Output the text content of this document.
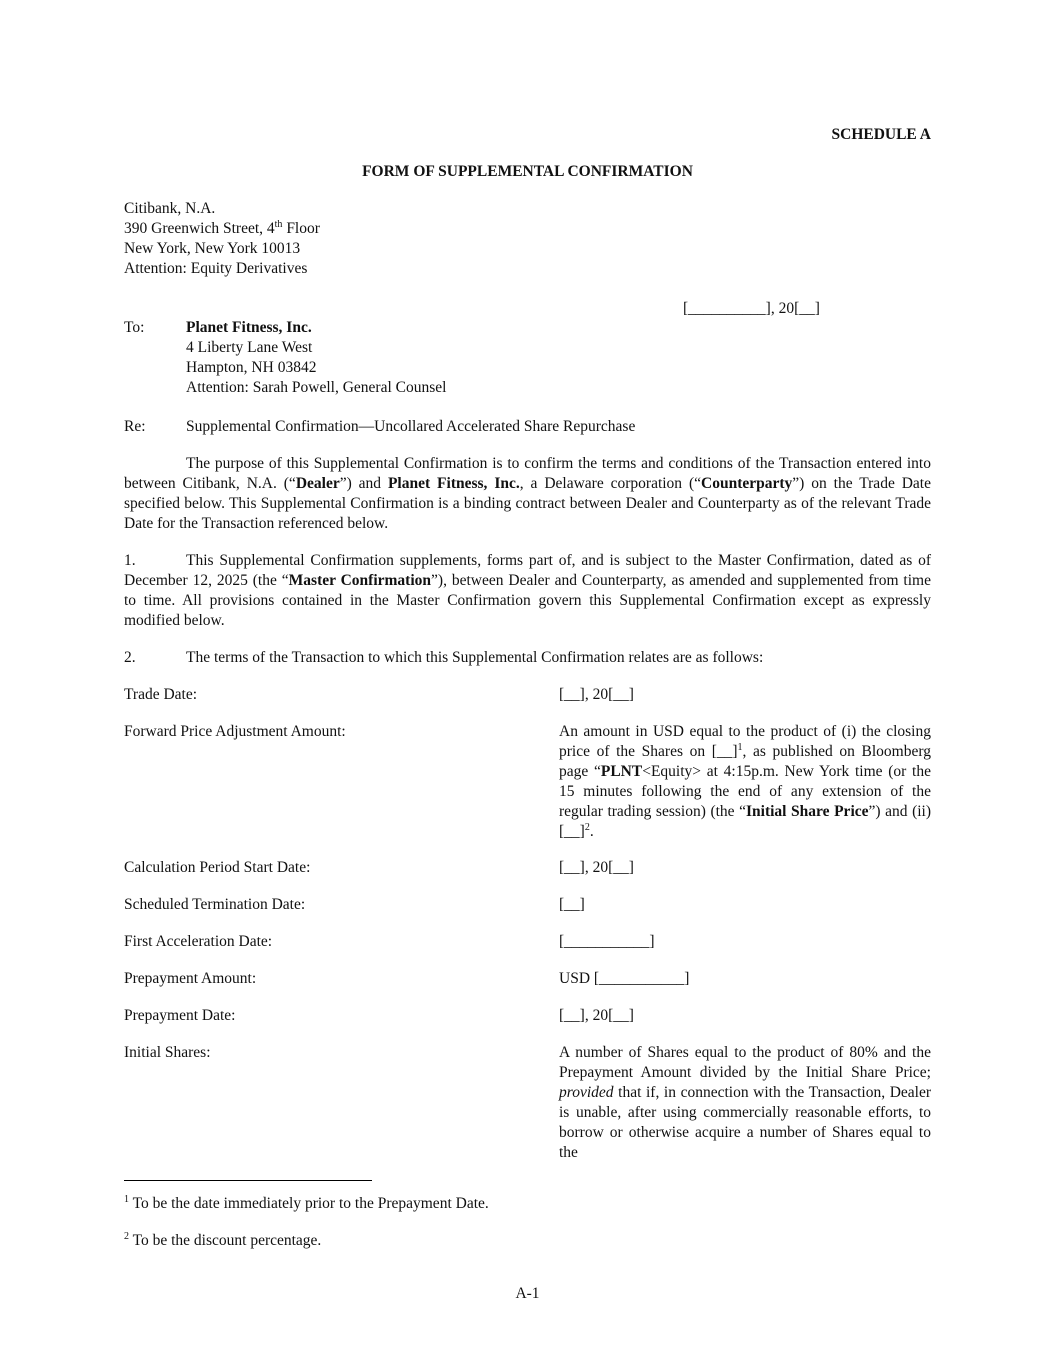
SCHEDULE A
FORM OF SUPPLEMENTAL CONFIRMATION
Citibank, N.A.
390 Greenwich Street, 4th Floor
New York, New York 10013
Attention: Equity Derivatives
[__________], 20[__]
To:	Planet Fitness, Inc.
4 Liberty Lane West
Hampton, NH 03842
Attention: Sarah Powell, General Counsel
Re:	Supplemental Confirmation—Uncollared Accelerated Share Repurchase
The purpose of this Supplemental Confirmation is to confirm the terms and conditions of the Transaction entered into between Citibank, N.A. (“Dealer”) and Planet Fitness, Inc., a Delaware corporation (“Counterparty”) on the Trade Date specified below. This Supplemental Confirmation is a binding contract between Dealer and Counterparty as of the relevant Trade Date for the Transaction referenced below.
1.	This Supplemental Confirmation supplements, forms part of, and is subject to the Master Confirmation, dated as of December 12, 2025 (the “Master Confirmation”), between Dealer and Counterparty, as amended and supplemented from time to time. All provisions contained in the Master Confirmation govern this Supplemental Confirmation except as expressly modified below.
2.	The terms of the Transaction to which this Supplemental Confirmation relates are as follows:
Trade Date:	[__], 20[__]
Forward Price Adjustment Amount:	An amount in USD equal to the product of (i) the closing price of the Shares on [__]$^1$, as published on Bloomberg page “PLNT<Equity> at 4:15p.m. New York time (or the 15 minutes following the end of any extension of the regular trading session) (the “Initial Share Price”) and (ii) [__]$^2$.
Calculation Period Start Date:	[__], 20[__]
Scheduled Termination Date:	[__]
First Acceleration Date:	[___________]
Prepayment Amount:	USD [___________]
Prepayment Date:	[__], 20[__]
Initial Shares:	A number of Shares equal to the product of 80% and the Prepayment Amount divided by the Initial Share Price; provided that if, in connection with the Transaction, Dealer is unable, after using commercially reasonable efforts, to borrow or otherwise acquire a number of Shares equal to the
$^1$ To be the date immediately prior to the Prepayment Date.
$^2$ To be the discount percentage.
A-1
